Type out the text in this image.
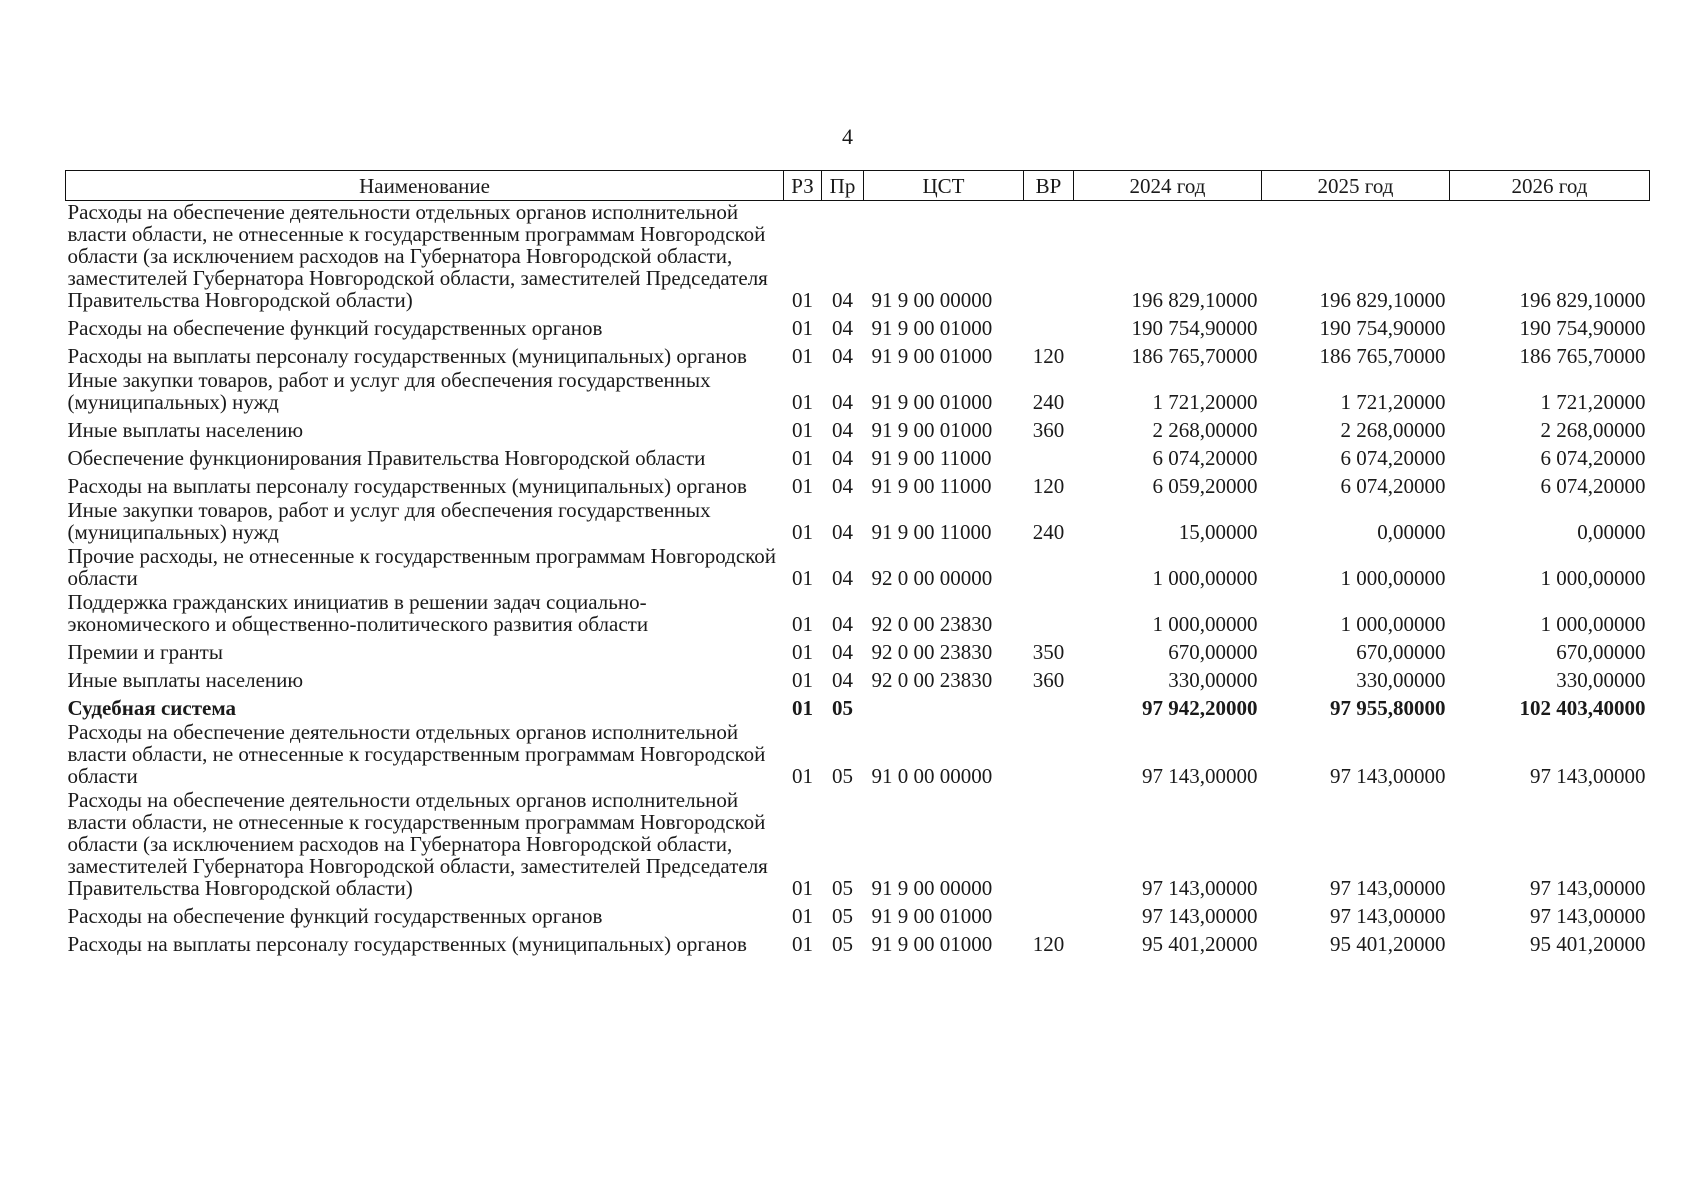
4
Наименование	РЗ	Пр	ЦСТ	ВР	2024 год	2025 год	2026 год
Расходы на обеспечение деятельности отдельных органов исполнительной власти области, не отнесенные к государственным программам Новгородской области (за исключением расходов на Губернатора Новгородской области, заместителей Губернатора Новгородской области, заместителей Председателя Правительства Новгородской области)	01	04	91 9 00 00000		196 829,10000	196 829,10000	196 829,10000
Расходы на обеспечение функций государственных органов	01	04	91 9 00 01000		190 754,90000	190 754,90000	190 754,90000
Расходы на выплаты персоналу государственных (муниципальных) органов	01	04	91 9 00 01000	120	186 765,70000	186 765,70000	186 765,70000
Иные закупки товаров, работ и услуг для обеспечения государственных (муниципальных) нужд	01	04	91 9 00 01000	240	1 721,20000	1 721,20000	1 721,20000
Иные выплаты населению	01	04	91 9 00 01000	360	2 268,00000	2 268,00000	2 268,00000
Обеспечение функционирования Правительства Новгородской области	01	04	91 9 00 11000		6 074,20000	6 074,20000	6 074,20000
Расходы на выплаты персоналу государственных (муниципальных) органов	01	04	91 9 00 11000	120	6 059,20000	6 074,20000	6 074,20000
Иные закупки товаров, работ и услуг для обеспечения государственных (муниципальных) нужд	01	04	91 9 00 11000	240	15,00000	0,00000	0,00000
Прочие расходы, не отнесенные к государственным программам Новгородской области	01	04	92 0 00 00000		1 000,00000	1 000,00000	1 000,00000
Поддержка гражданских инициатив в решении задач социально-экономического и общественно-политического развития области	01	04	92 0 00 23830		1 000,00000	1 000,00000	1 000,00000
Премии и гранты	01	04	92 0 00 23830	350	670,00000	670,00000	670,00000
Иные выплаты населению	01	04	92 0 00 23830	360	330,00000	330,00000	330,00000
Судебная система	01	05			97 942,20000	97 955,80000	102 403,40000
Расходы на обеспечение деятельности отдельных органов исполнительной власти области, не отнесенные к государственным программам Новгородской области	01	05	91 0 00 00000		97 143,00000	97 143,00000	97 143,00000
Расходы на обеспечение деятельности отдельных органов исполнительной власти области, не отнесенные к государственным программам Новгородской области (за исключением расходов на Губернатора Новгородской области, заместителей Губернатора Новгородской области, заместителей Председателя Правительства Новгородской области)	01	05	91 9 00 00000		97 143,00000	97 143,00000	97 143,00000
Расходы на обеспечение функций государственных органов	01	05	91 9 00 01000		97 143,00000	97 143,00000	97 143,00000
Расходы на выплаты персоналу государственных (муниципальных) органов	01	05	91 9 00 01000	120	95 401,20000	95 401,20000	95 401,20000
